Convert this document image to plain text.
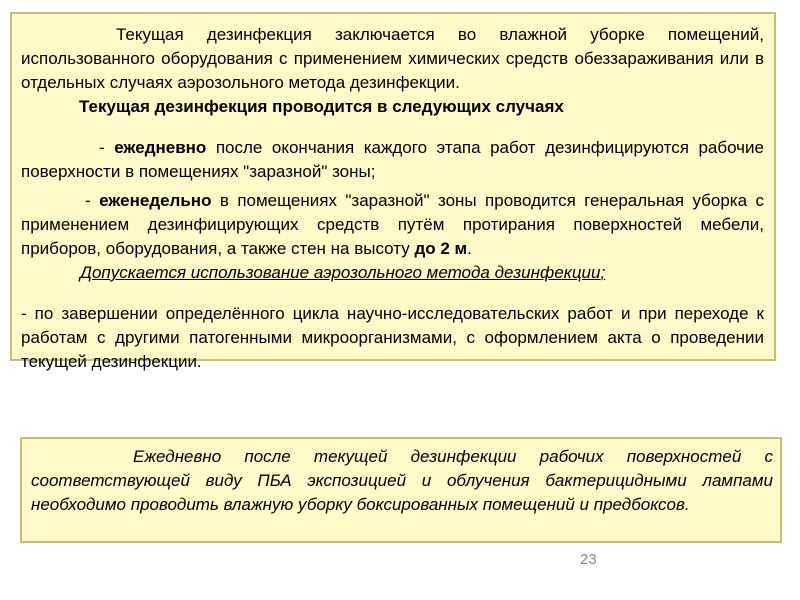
Текущая дезинфекция заключается во влажной уборке помещений, использованного оборудования с применением химических средств обеззараживания или в отдельных случаях аэрозольного метода дезинфекции.

Текущая дезинфекция проводится в следующих случаях

- ежедневно после окончания каждого этапа работ дезинфицируются рабочие поверхности в помещениях "заразной" зоны;

- еженедельно в помещениях "заразной" зоны проводится генеральная уборка с применением дезинфицирующих средств путём протирания поверхностей мебели, приборов, оборудования, а также стен на высоту до 2 м.

Допускается использование аэрозольного метода дезинфекции;

- по завершении определённого цикла научно-исследовательских работ и при переходе к работам с другими патогенными микроорганизмами, с оформлением акта о проведении текущей дезинфекции.

Ежедневно после текущей дезинфекции рабочих поверхностей с соответствующей виду ПБА экспозицией и облучения бактерицидными лампами необходимо проводить влажную уборку боксированных помещений и предбоксов.

23
